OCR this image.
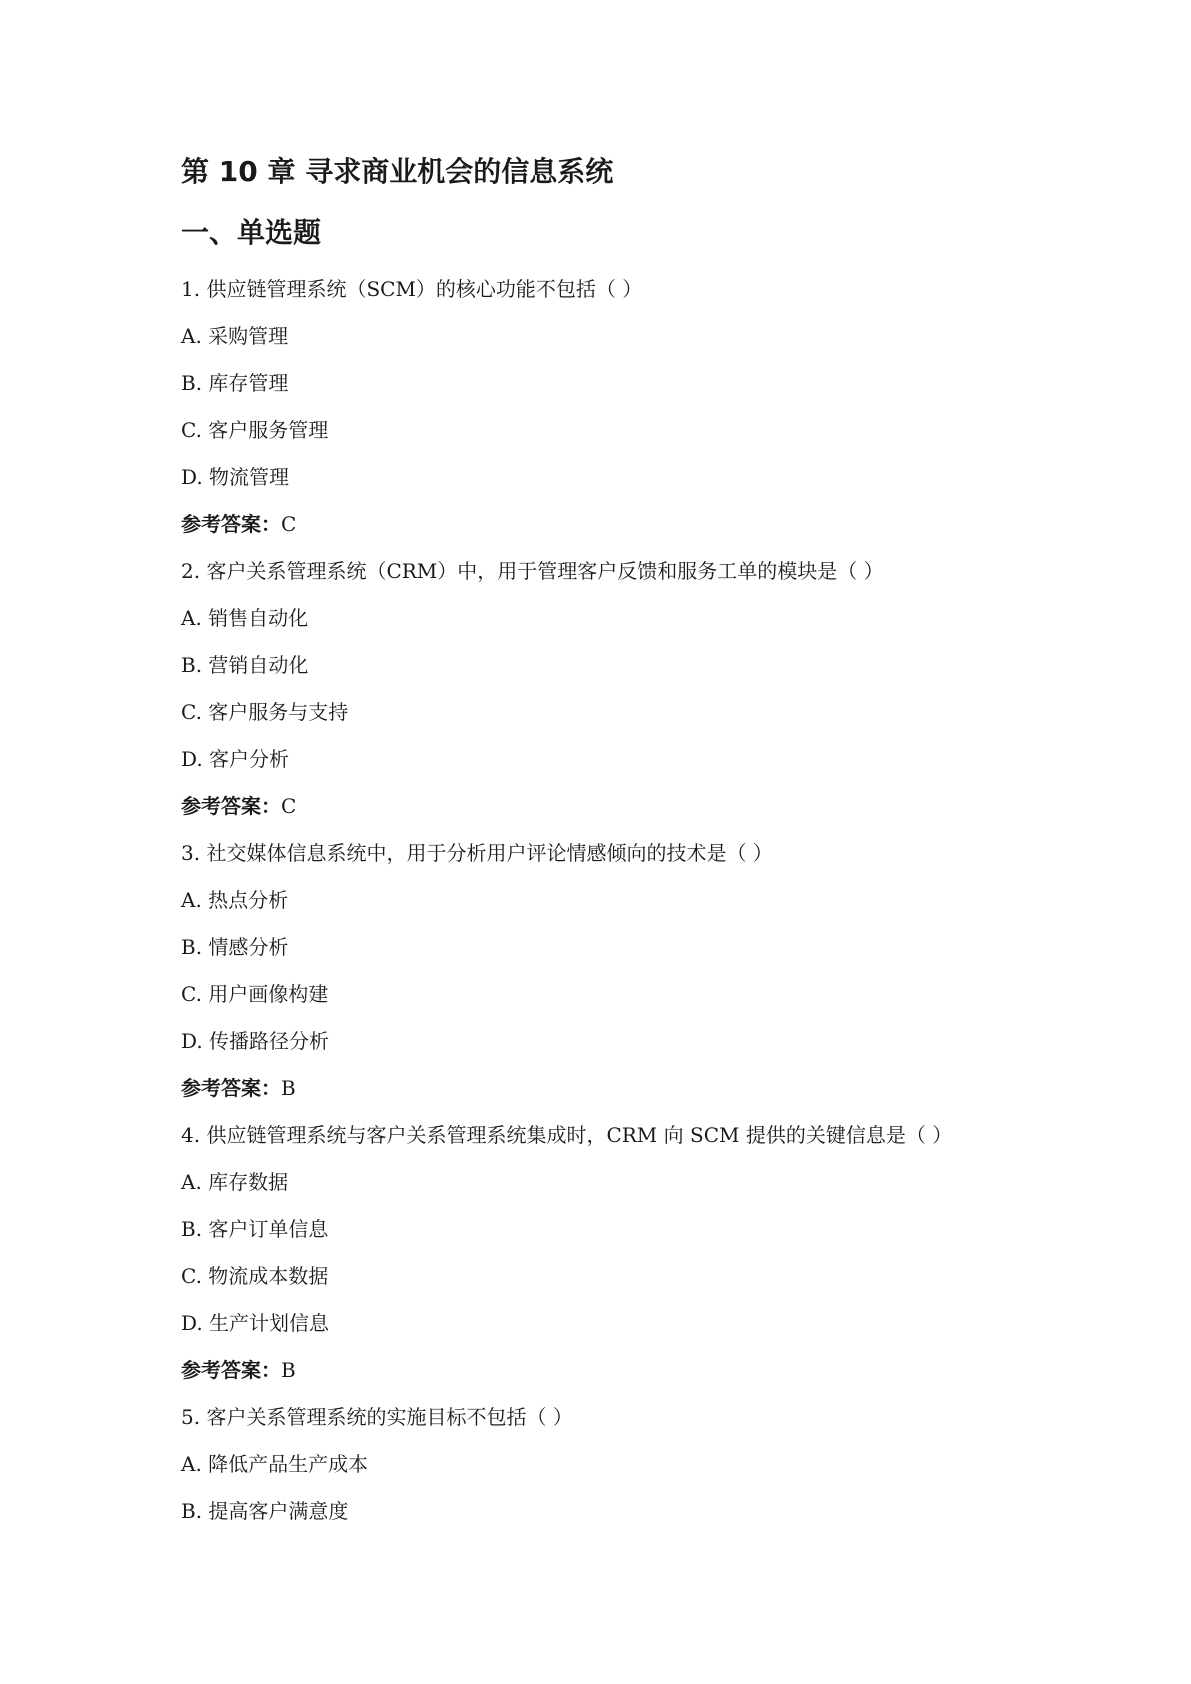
第 10 章 寻求商业机会的信息系统
一、单选题
1. 供应链管理系统（SCM）的核心功能不包括（ ）
A. 采购管理
B. 库存管理
C. 客户服务管理
D. 物流管理
参考答案：C
2. 客户关系管理系统（CRM）中，用于管理客户反馈和服务工单的模块是（ ）
A. 销售自动化
B. 营销自动化
C. 客户服务与支持
D. 客户分析
参考答案：C
3. 社交媒体信息系统中，用于分析用户评论情感倾向的技术是（ ）
A. 热点分析
B. 情感分析
C. 用户画像构建
D. 传播路径分析
参考答案：B
4. 供应链管理系统与客户关系管理系统集成时，CRM 向 SCM 提供的关键信息是（ ）
A. 库存数据
B. 客户订单信息
C. 物流成本数据
D. 生产计划信息
参考答案：B
5. 客户关系管理系统的实施目标不包括（ ）
A. 降低产品生产成本
B. 提高客户满意度
